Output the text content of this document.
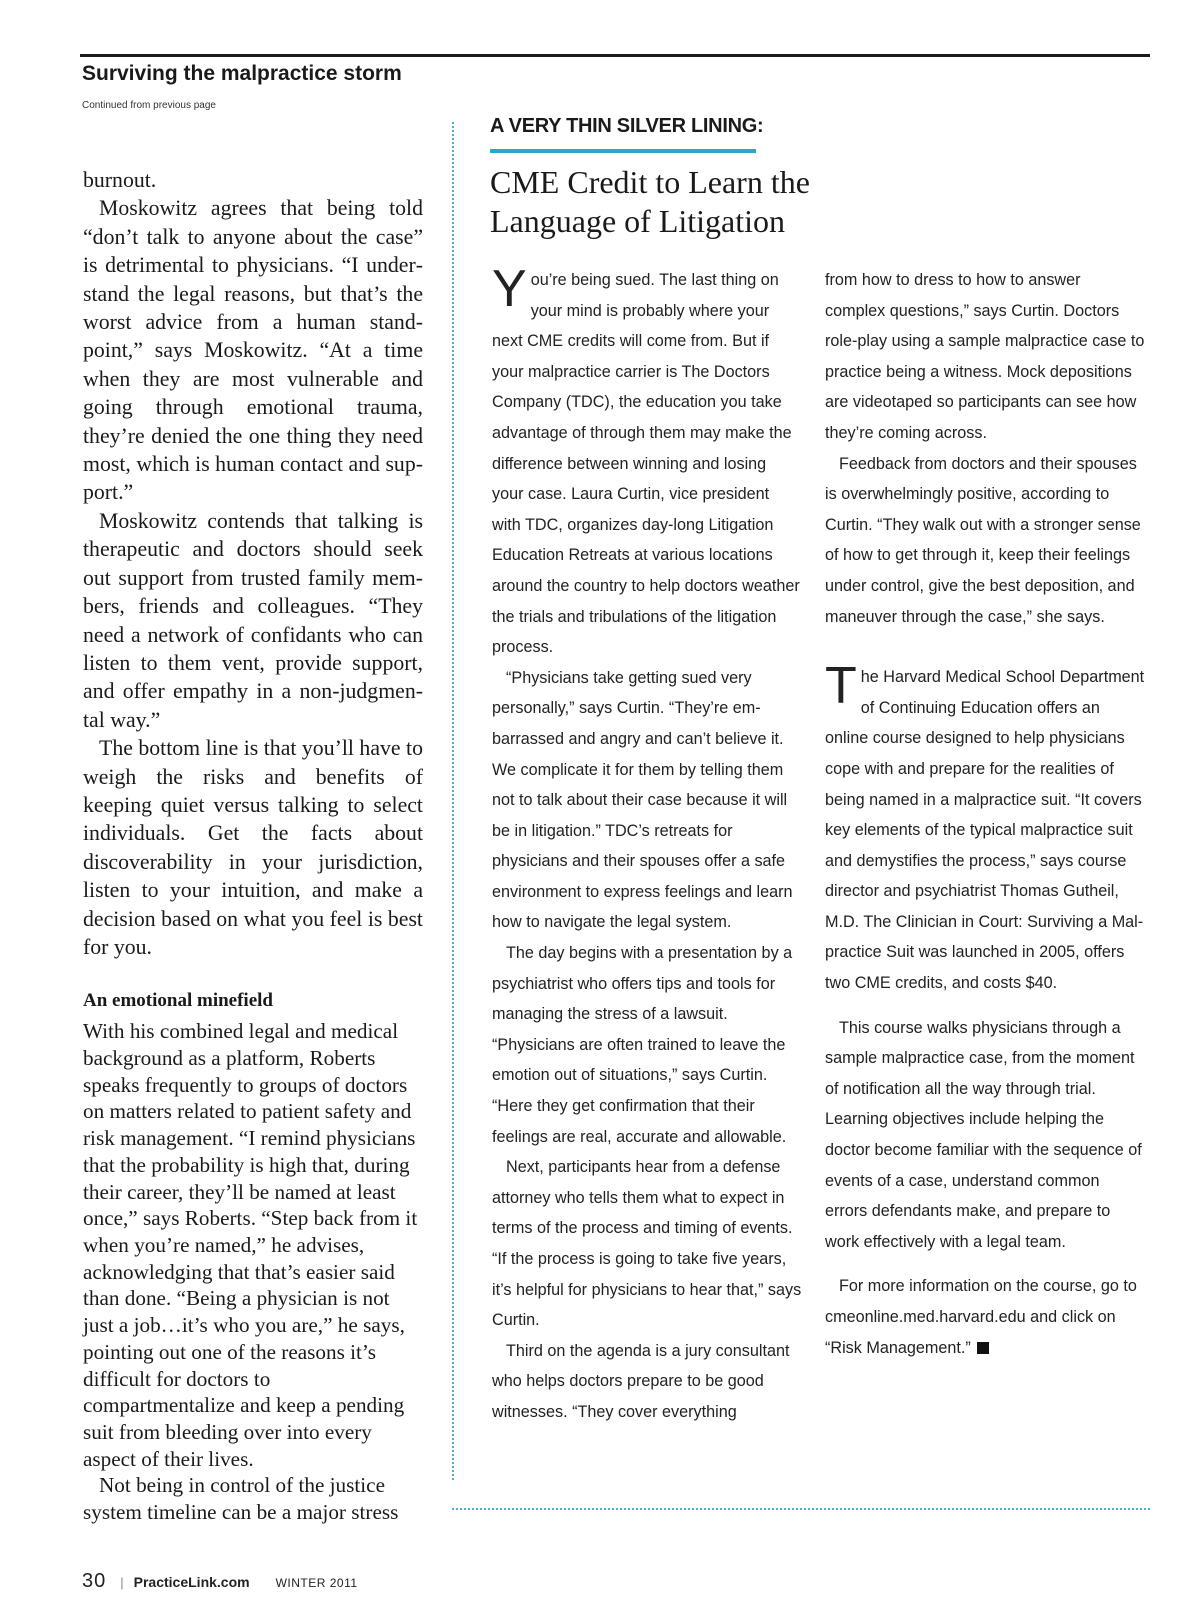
Surviving the malpractice storm
Continued from previous page

burnout.

Moskowitz agrees that being told “don’t talk to anyone about the case” is detrimental to physicians. “I understand the legal reasons, but that’s the worst advice from a human standpoint,” says Moskowitz. “At a time when they are most vulnerable and going through emotional trauma, they’re denied the one thing they need most, which is human contact and support.”

Moskowitz contends that talking is therapeutic and doctors should seek out support from trusted family members, friends and colleagues. “They need a network of confidants who can listen to them vent, provide support, and offer empathy in a non-judgmental way.”

The bottom line is that you’ll have to weigh the risks and benefits of keeping quiet versus talking to select individuals. Get the facts about discoverability in your jurisdiction, listen to your intuition, and make a decision based on what you feel is best for you.

An emotional minefield

With his combined legal and medical background as a platform, Roberts speaks frequently to groups of doctors on matters related to patient safety and risk management. “I remind physicians that the probability is high that, during their career, they’ll be named at least once,” says Roberts. “Step back from it when you’re named,” he advises, acknowledging that that’s easier said than done. “Being a physician is not just a job…it’s who you are,” he says, pointing out one of the reasons it’s difficult for doctors to compartmentalize and keep a pending suit from bleeding over into every aspect of their lives.

Not being in control of the justice system timeline can be a major stress

A VERY THIN SILVER LINING:
CME Credit to Learn the Language of Litigation

You’re being sued. The last thing on your mind is probably where your next CME credits will come from. But if your malpractice carrier is The Doctors Company (TDC), the education you take advantage of through them may make the difference between winning and losing your case. Laura Curtin, vice president with TDC, organizes day-long Litigation Education Retreats at various locations around the country to help doctors weather the trials and tribulations of the litigation process.

“Physicians take getting sued very personally,” says Curtin. “They’re embarrassed and angry and can’t believe it. We complicate it for them by telling them not to talk about their case because it will be in litigation.” TDC’s retreats for physicians and their spouses offer a safe environment to express feelings and learn how to navigate the legal system.

The day begins with a presentation by a psychiatrist who offers tips and tools for managing the stress of a lawsuit. “Physicians are often trained to leave the emotion out of situations,” says Curtin. “Here they get confirmation that their feelings are real, accurate and allowable.

Next, participants hear from a defense attorney who tells them what to expect in terms of the process and timing of events. “If the process is going to take five years, it’s helpful for physicians to hear that,” says Curtin.

Third on the agenda is a jury consultant who helps doctors prepare to be good witnesses. “They cover everything

from how to dress to how to answer complex questions,” says Curtin. Doctors role-play using a sample malpractice case to practice being a witness. Mock depositions are videotaped so participants can see how they’re coming across.

Feedback from doctors and their spouses is overwhelmingly positive, according to Curtin. “They walk out with a stronger sense of how to get through it, keep their feelings under control, give the best deposition, and maneuver through the case,” she says.

The Harvard Medical School Department of Continuing Education offers an online course designed to help physicians cope with and prepare for the realities of being named in a malpractice suit. “It covers key elements of the typical malpractice suit and demystifies the process,” says course director and psychiatrist Thomas Gutheil, M.D. The Clinician in Court: Surviving a Malpractice Suit was launched in 2005, offers two CME credits, and costs $40.

This course walks physicians through a sample malpractice case, from the moment of notification all the way through trial. Learning objectives include helping the doctor become familiar with the sequence of events of a case, understand common errors defendants make, and prepare to work effectively with a legal team.

For more information on the course, go to cmeonline.med.harvard.edu and click on “Risk Management.”

30 | PracticeLink.com WINTER 2011
